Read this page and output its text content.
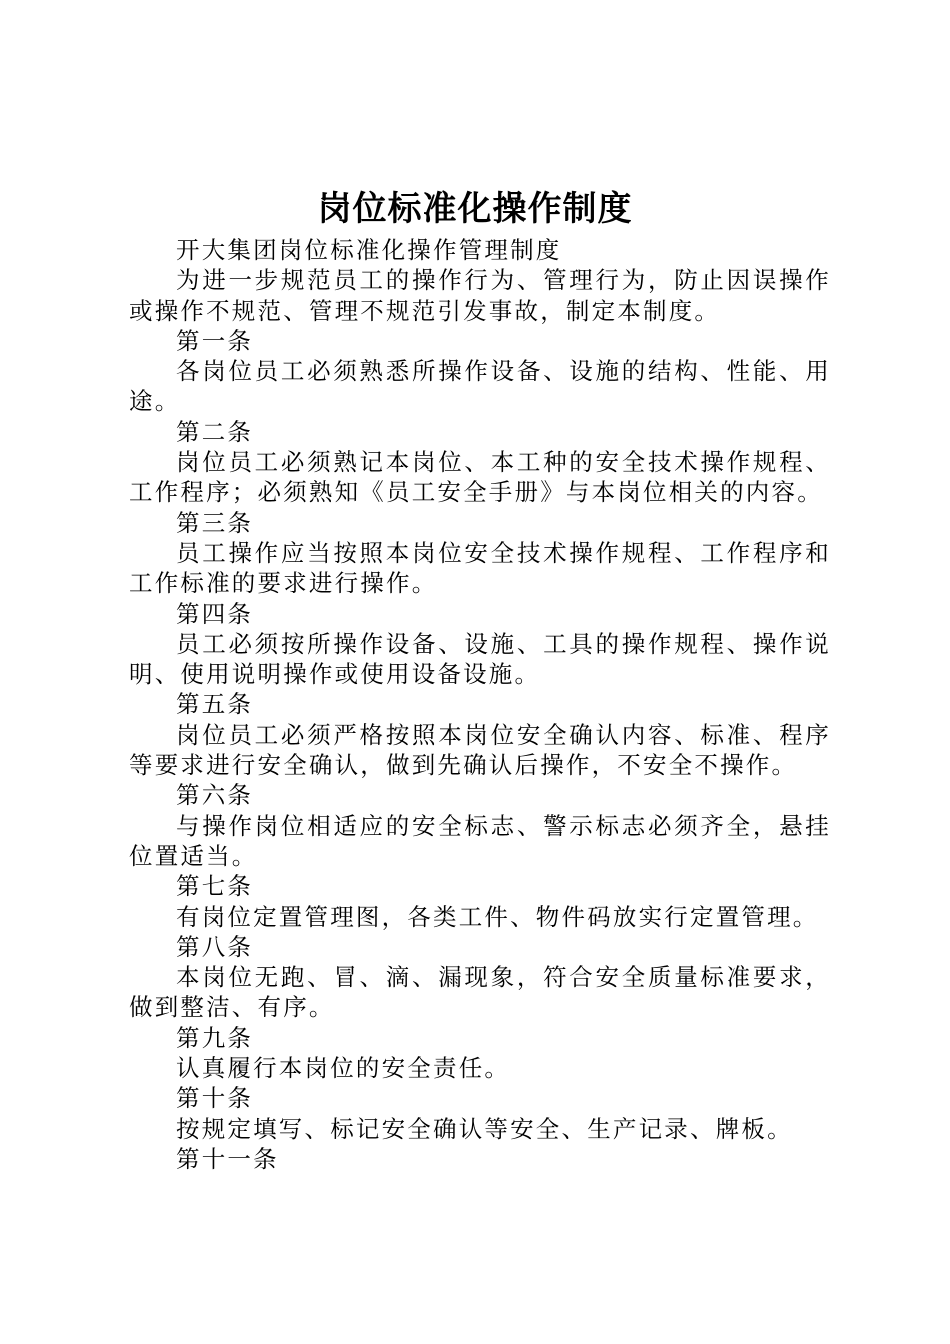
岗位标准化操作制度

开大集团岗位标准化操作管理制度

为进一步规范员工的操作行为、管理行为，防止因误操作或操作不规范、管理不规范引发事故，制定本制度。

第一条

各岗位员工必须熟悉所操作设备、设施的结构、性能、用途。

第二条

岗位员工必须熟记本岗位、本工种的安全技术操作规程、工作程序；必须熟知《员工安全手册》与本岗位相关的内容。

第三条

员工操作应当按照本岗位安全技术操作规程、工作程序和工作标准的要求进行操作。

第四条

员工必须按所操作设备、设施、工具的操作规程、操作说明、使用说明操作或使用设备设施。

第五条

岗位员工必须严格按照本岗位安全确认内容、标准、程序等要求进行安全确认，做到先确认后操作，不安全不操作。

第六条

与操作岗位相适应的安全标志、警示标志必须齐全，悬挂位置适当。

第七条

有岗位定置管理图，各类工件、物件码放实行定置管理。

第八条

本岗位无跑、冒、滴、漏现象，符合安全质量标准要求，做到整洁、有序。

第九条

认真履行本岗位的安全责任。

第十条

按规定填写、标记安全确认等安全、生产记录、牌板。

第十一条
